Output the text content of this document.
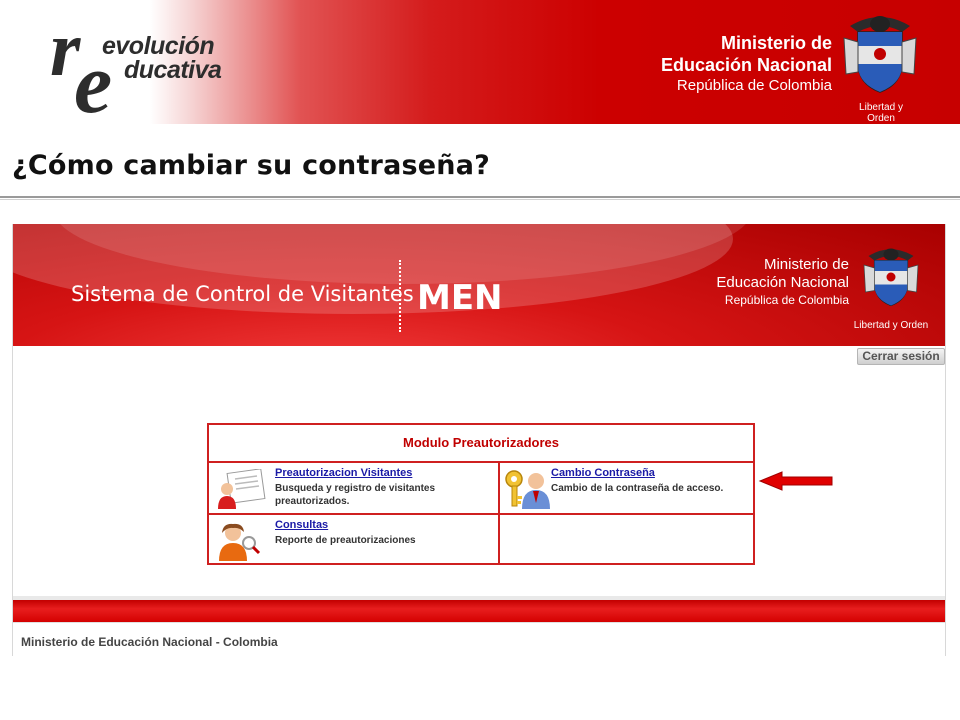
r
e
evolución
ducativa
Ministerio de
Educación Nacional
República de Colombia
Libertad y Orden
¿Cómo cambiar su contraseña?
Sistema de Control de Visitantes MEN
Ministerio de
Educación Nacional
República de Colombia
Libertad y Orden
Cerrar sesión
Modulo Preautorizadores
Preautorizacion Visitantes
Busqueda y registro de visitantes preautorizados.
Cambio Contraseña
Cambio de la contraseña de acceso.
Consultas
Reporte de preautorizaciones
Ministerio de Educación Nacional - Colombia
